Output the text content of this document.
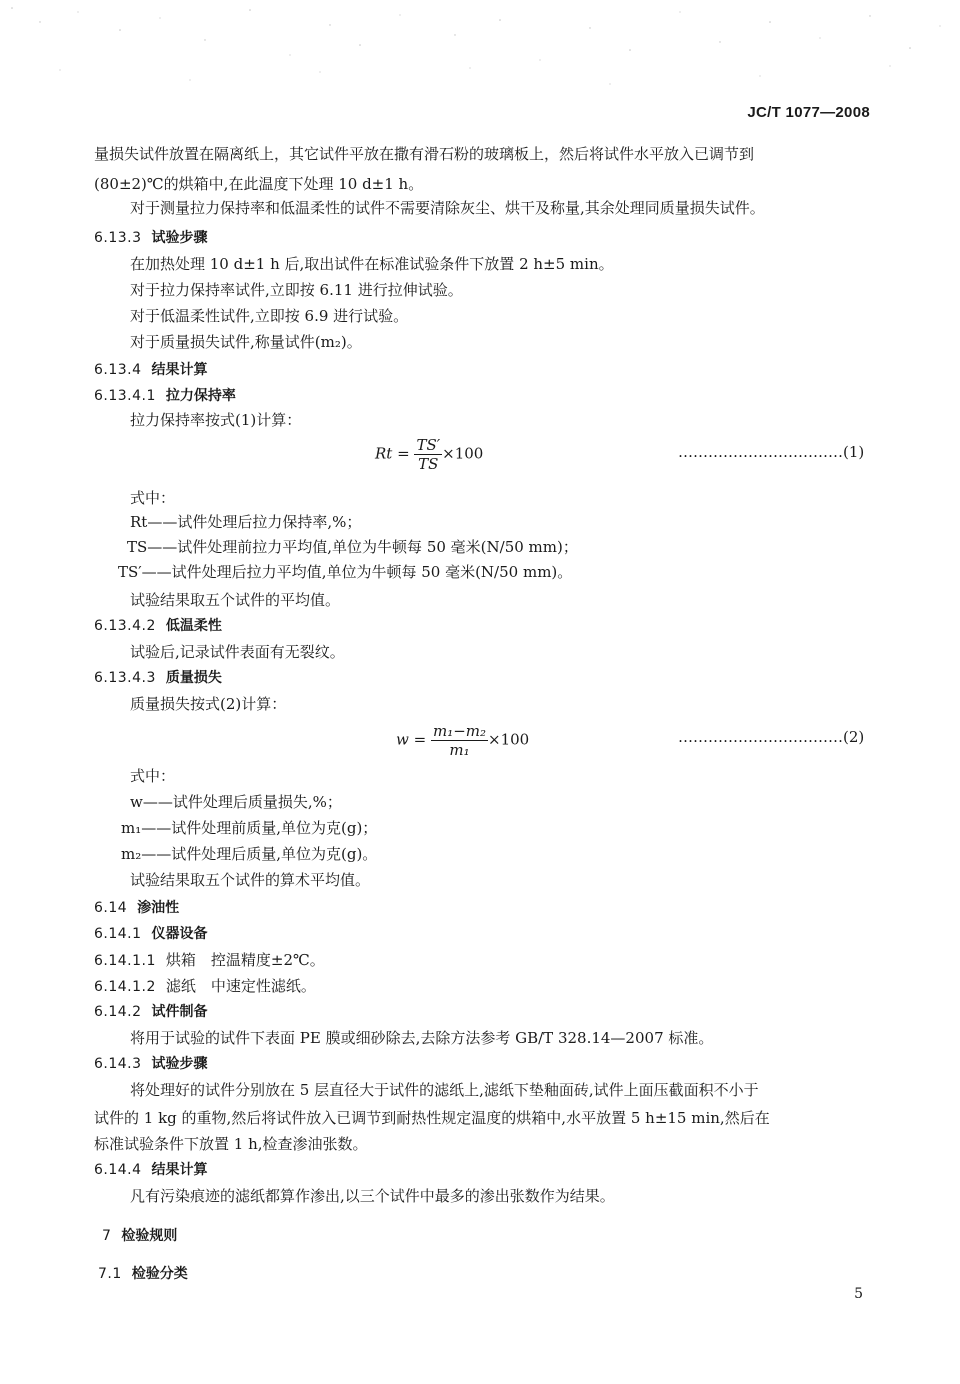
JC/T 1077—2008
量损失试件放置在隔离纸上，其它试件平放在撒有滑石粉的玻璃板上，然后将试件水平放入已调节到
(80±2)℃的烘箱中,在此温度下处理 10 d±1 h。
对于测量拉力保持率和低温柔性的试件不需要清除灰尘、烘干及称量,其余处理同质量损失试件。
6.13.3 试验步骤
在加热处理 10 d±1 h 后,取出试件在标准试验条件下放置 2 h±5 min。
对于拉力保持率试件,立即按 6.11 进行拉伸试验。
对于低温柔性试件,立即按 6.9 进行试验。
对于质量损失试件,称量试件(m₂)。
6.13.4 结果计算
6.13.4.1 拉力保持率
拉力保持率按式(1)计算：
$Rt = \frac{TS'}{TS} \times 100$	……………………………(1)
式中：
Rt——试件处理后拉力保持率,%；
TS——试件处理前拉力平均值,单位为牛顿每 50 毫米(N/50 mm)；
TS′——试件处理后拉力平均值,单位为牛顿每 50 毫米(N/50 mm)。
试验结果取五个试件的平均值。
6.13.4.2 低温柔性
试验后,记录试件表面有无裂纹。
6.13.4.3 质量损失
质量损失按式(2)计算：
$w = \frac{\text{m₁−m₂}}{\text{m₁}} \times 100$	……………………………(2)
式中：
w——试件处理后质量损失,%；
m₁——试件处理前质量,单位为克(g)；
m₂——试件处理后质量,单位为克(g)。
试验结果取五个试件的算术平均值。
6.14 渗油性
6.14.1 仪器设备
6.14.1.1 烘箱　控温精度±2℃。
6.14.1.2 滤纸　中速定性滤纸。
6.14.2 试件制备
将用于试验的试件下表面 PE 膜或细砂除去,去除方法参考 GB/T 328.14—2007 标准。
6.14.3 试验步骤
将处理好的试件分别放在 5 层直径大于试件的滤纸上,滤纸下垫釉面砖,试件上面压截面积不小于
试件的 1 kg 的重物,然后将试件放入已调节到耐热性规定温度的烘箱中,水平放置 5 h±15 min,然后在
标准试验条件下放置 1 h,检查渗油张数。
6.14.4 结果计算
凡有污染痕迹的滤纸都算作渗出,以三个试件中最多的渗出张数作为结果。
7 检验规则
7.1 检验分类
5
